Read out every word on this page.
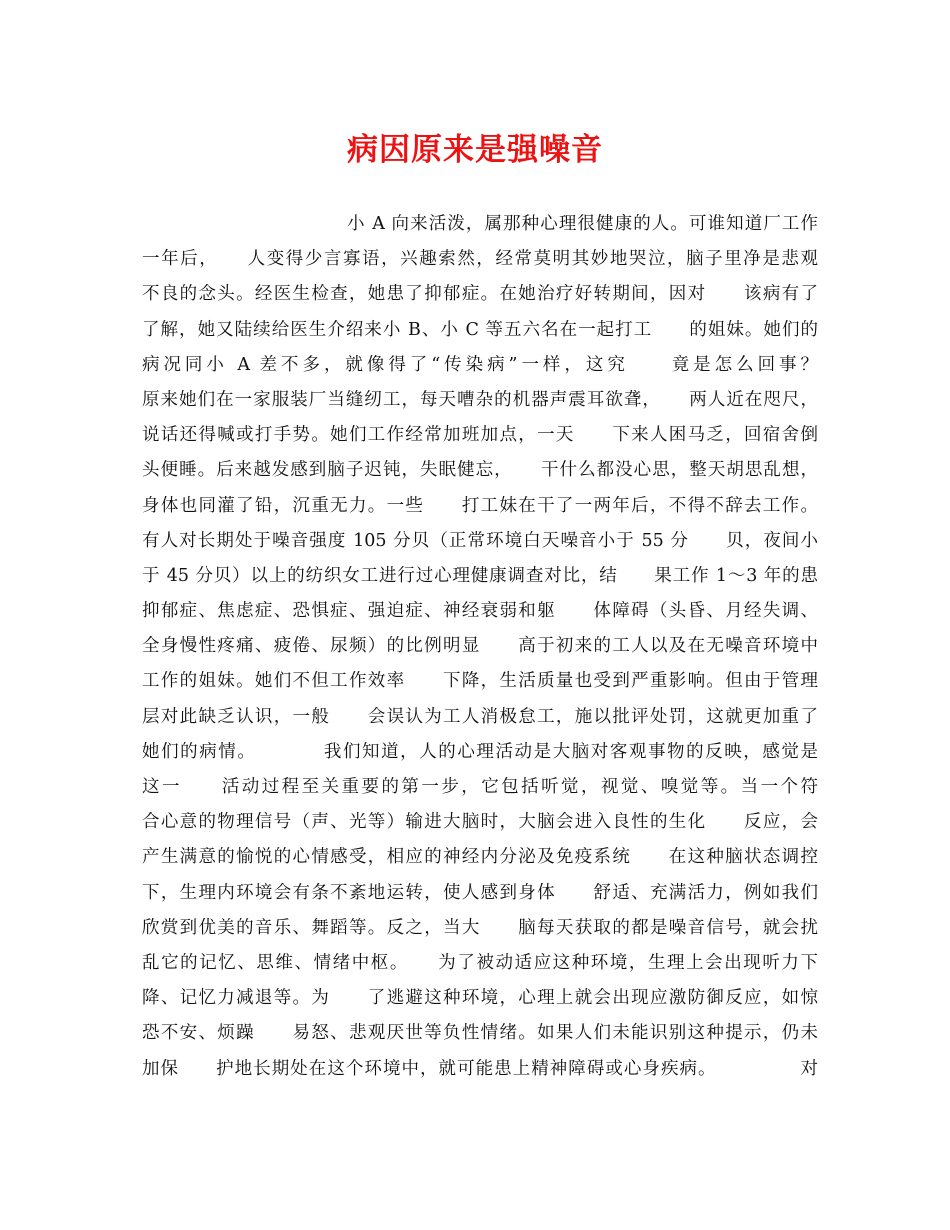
病因原来是强噪音
小 A 向来活泼，属那种心理很健康的人。可谁知道厂工作
一年后，　　人变得少言寡语，兴趣索然，经常莫明其妙地哭泣，脑子里净是悲观
不良的念头。经医生检查，她患了抑郁症。在她治疗好转期间，因对　　该病有了
了解，她又陆续给医生介绍来小 B、小 C 等五六名在一起打工　　的姐妹。她们的
病况同小 A 差不多，就像得了“传染病”一样，这究　　竟是怎么回事？
原来她们在一家服装厂当缝纫工，每天嘈杂的机器声震耳欲聋，　　两人近在咫尺，
说话还得喊或打手势。她们工作经常加班加点，一天　　下来人困马乏，回宿舍倒
头便睡。后来越发感到脑子迟钝，失眠健忘，　　干什么都没心思，整天胡思乱想，
身体也同灌了铅，沉重无力。一些　　打工妹在干了一两年后，不得不辞去工作。
有人对长期处于噪音强度 105 分贝（正常环境白天噪音小于 55 分　　贝，夜间小
于 45 分贝）以上的纺织女工进行过心理健康调查对比，结　　果工作 1～3 年的患
抑郁症、焦虑症、恐惧症、强迫症、神经衰弱和躯　　体障碍（头昏、月经失调、
全身慢性疼痛、疲倦、尿频）的比例明显　　高于初来的工人以及在无噪音环境中
工作的姐妹。她们不但工作效率　　下降，生活质量也受到严重影响。但由于管理
层对此缺乏认识，一般　　会误认为工人消极怠工，施以批评处罚，这就更加重了
她们的病情。　　　　我们知道，人的心理活动是大脑对客观事物的反映，感觉是
这一　　活动过程至关重要的第一步，它包括听觉，视觉、嗅觉等。当一个符
合心意的物理信号（声、光等）输进大脑时，大脑会进入良性的生化　　反应，会
产生满意的愉悦的心情感受，相应的神经内分泌及免疫系统　　在这种脑状态调控
下，生理内环境会有条不紊地运转，使人感到身体　　舒适、充满活力，例如我们
欣赏到优美的音乐、舞蹈等。反之，当大　　脑每天获取的都是噪音信号，就会扰
乱它的记忆、思维、情绪中枢。　　为了被动适应这种环境，生理上会出现听力下
降、记忆力减退等。为　　了逃避这种环境，心理上就会出现应激防御反应，如惊
恐不安、烦躁　　易怒、悲观厌世等负性情绪。如果人们未能识别这种提示，仍未
加保　　护地长期处在这个环境中，就可能患上精神障碍或心身疾病。　　　　　对
